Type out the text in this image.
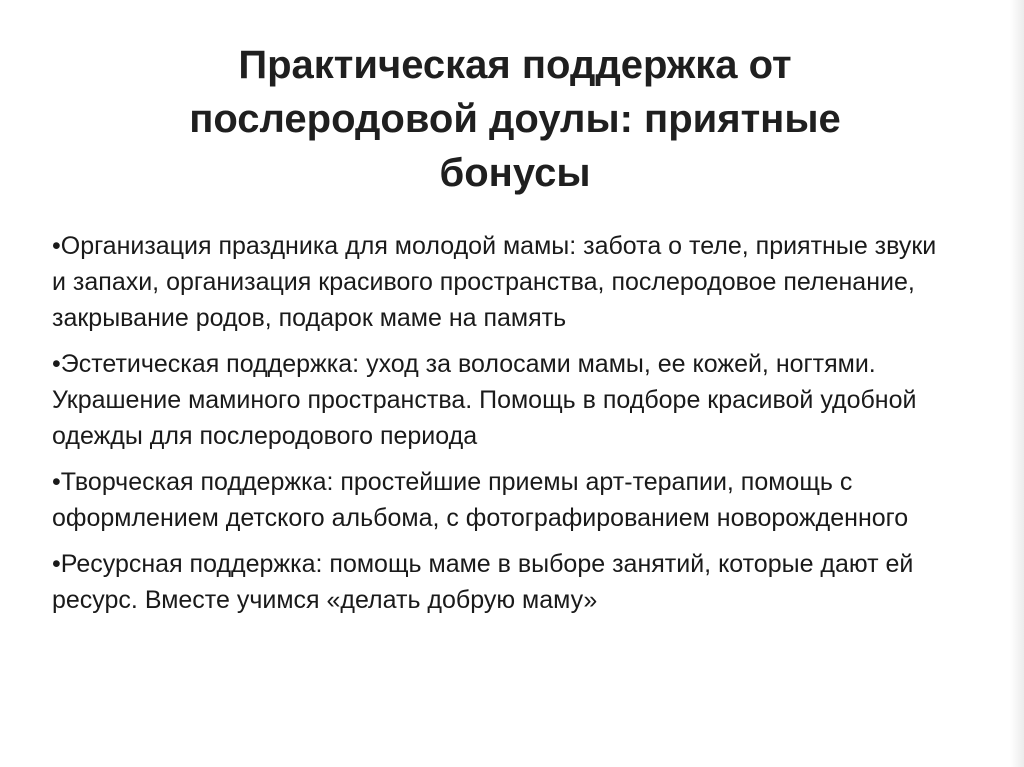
Практическая поддержка от послеродовой доулы: приятные бонусы
•Организация праздника для молодой мамы: забота о теле, приятные звуки и запахи, организация красивого пространства, послеродовое пеленание, закрывание родов, подарок маме на память
•Эстетическая поддержка: уход за волосами мамы, ее кожей, ногтями. Украшение маминого пространства. Помощь в подборе красивой удобной одежды для послеродового периода
•Творческая поддержка: простейшие приемы арт-терапии, помощь с оформлением детского альбома, с фотографированием новорожденного
•Ресурсная поддержка: помощь маме в выборе занятий, которые дают ей ресурс. Вместе учимся «делать добрую маму»
